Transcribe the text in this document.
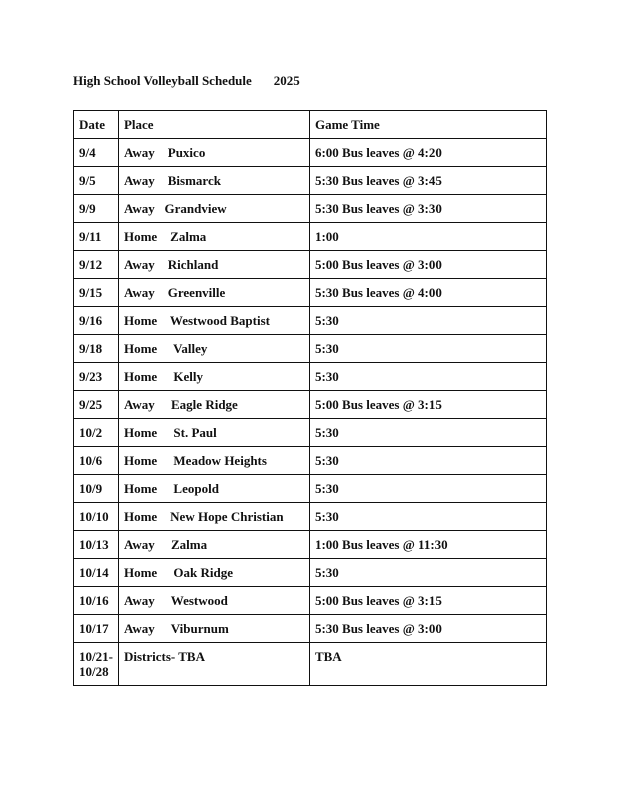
High School Volleyball Schedule 2025
Date	Place	Game Time
9/4	Away    Puxico	6:00 Bus leaves @ 4:20
9/5	Away    Bismarck	5:30 Bus leaves @ 3:45
9/9	Away   Grandview	5:30 Bus leaves @ 3:30
9/11	Home    Zalma	1:00
9/12	Away    Richland	5:00 Bus leaves @ 3:00
9/15	Away    Greenville	5:30 Bus leaves @ 4:00
9/16	Home    Westwood Baptist	5:30
9/18	Home     Valley	5:30
9/23	Home     Kelly	5:30
9/25	Away     Eagle Ridge	5:00 Bus leaves @ 3:15
10/2	Home     St. Paul	5:30
10/6	Home     Meadow Heights	5:30
10/9	Home     Leopold	5:30
10/10	Home    New Hope Christian	5:30
10/13	Away     Zalma	1:00 Bus leaves @ 11:30
10/14	Home     Oak Ridge	5:30
10/16	Away     Westwood	5:00 Bus leaves @ 3:15
10/17	Away     Viburnum	5:30 Bus leaves @ 3:00
10/21-
10/28	Districts- TBA	TBA
